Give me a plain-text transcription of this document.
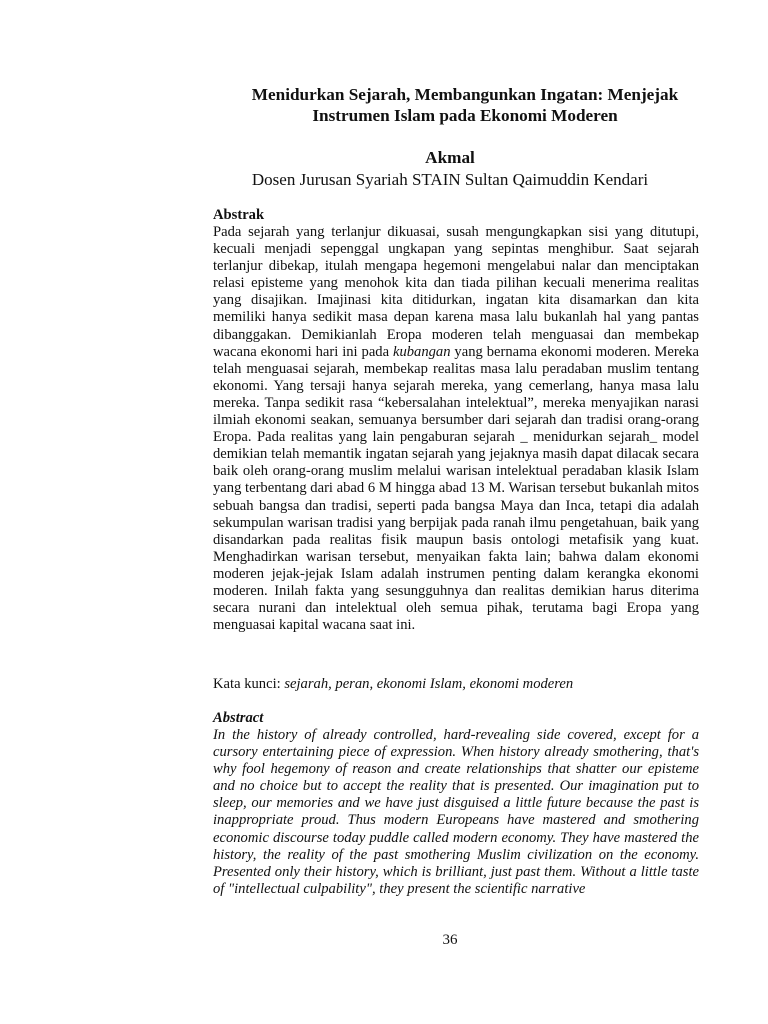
Menidurkan Sejarah, Membangunkan Ingatan: Menjejak
Instrumen Islam pada Ekonomi Moderen
Akmal
Dosen Jurusan Syariah STAIN Sultan Qaimuddin Kendari
Abstrak
Pada sejarah yang terlanjur dikuasai, susah mengungkapkan sisi yang ditutupi, kecuali menjadi sepenggal ungkapan yang sepintas menghibur. Saat sejarah terlanjur dibekap, itulah mengapa hegemoni mengelabui nalar dan menciptakan relasi episteme yang menohok kita dan tiada pilihan kecuali menerima realitas yang disajikan. Imajinasi kita ditidurkan, ingatan kita disamarkan dan kita memiliki hanya sedikit masa depan karena masa lalu bukanlah hal yang pantas dibanggakan. Demikianlah Eropa moderen telah menguasai dan membekap wacana ekonomi hari ini pada kubangan yang bernama ekonomi moderen. Mereka telah menguasai sejarah, membekap realitas masa lalu peradaban muslim tentang ekonomi. Yang tersaji hanya sejarah mereka, yang cemerlang, hanya masa lalu mereka. Tanpa sedikit rasa “kebersalahan intelektual”, mereka menyajikan narasi ilmiah ekonomi seakan, semuanya bersumber dari sejarah dan tradisi orang-orang Eropa. Pada realitas yang lain pengaburan sejarah _ menidurkan sejarah_ model demikian telah memantik ingatan sejarah yang jejaknya masih dapat dilacak secara baik oleh orang-orang muslim melalui warisan intelektual peradaban klasik Islam yang terbentang dari abad 6 M hingga abad 13 M. Warisan tersebut bukanlah mitos sebuah bangsa dan tradisi, seperti pada bangsa Maya dan Inca, tetapi dia adalah sekumpulan warisan tradisi yang berpijak pada ranah ilmu pengetahuan, baik yang disandarkan pada realitas fisik maupun basis ontologi metafisik yang kuat. Menghadirkan warisan tersebut, menyaikan fakta lain; bahwa dalam ekonomi moderen jejak-jejak Islam adalah instrumen penting dalam kerangka ekonomi moderen. Inilah fakta yang sesungguhnya dan realitas demikian harus diterima secara nurani dan intelektual oleh semua pihak, terutama bagi Eropa yang menguasai kapital wacana saat ini.
Kata kunci: sejarah, peran, ekonomi Islam, ekonomi moderen
Abstract
In the history of already controlled, hard-revealing side covered, except for a cursory entertaining piece of expression. When history already smothering, that's why fool hegemony of reason and create relationships that shatter our episteme and no choice but to accept the reality that is presented. Our imagination put to sleep, our memories and we have just disguised a little future because the past is inappropriate proud. Thus modern Europeans have mastered and smothering economic discourse today puddle called modern economy. They have mastered the history, the reality of the past smothering Muslim civilization on the economy. Presented only their history, which is brilliant, just past them. Without a little taste of "intellectual culpability", they present the scientific narrative
36
